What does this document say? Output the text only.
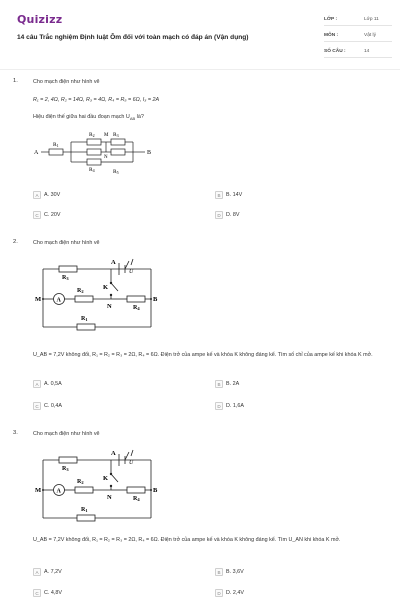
Quizizz
14 câu Trắc nghiệm Định luật Ôm đối với toàn mạch có đáp án (Vận dụng)
LỚP :	Lớp 11
MÔN :	Vật lý
SỐ CÂU :	14
1.	Cho mạch điện như hình vẽ
R₁ = 2, 4Ω, R₂ = 14Ω, R₃ = 4Ω, R₄ = R₅ = 6Ω, I₃ = 2A
Hiệu điện thế giữa hai đầu đoạn mạch $U_{AB}$ là?
A	B
R1
R2 M R3
N
R4	R5
A	A. 30V	B	B. 14V
C C. 20V	D D. 8V
2.	Cho mạch điện như hình vẽ
A
U
R3
R2
K
M	A	B
N	R4
R1
U_AB = 7,2V không đổi, R₁ = R₂ = R₃ = 2Ω, R₄ = 6Ω. Điện trở của ampe kế và khóa K không đáng kể. Tìm số chỉ của ampe kế khi khóa K mở.
A	A. 0,5A	B	B. 2A
C C. 0,4A	D D. 1,6A
3.	Cho mạch điện như hình vẽ
A
U
R3
R2
K
M	A	B
N	R4
R1
U_AB = 7,2V không đổi, R₁ = R₂ = R₃ = 2Ω, R₄ = 6Ω. Điện trở của ampe kế và khóa K không đáng kể. Tìm U_AN khi khóa K mở.
A	A. 7,2V	B	B. 3,6V
C C. 4,8V	D D. 2,4V
